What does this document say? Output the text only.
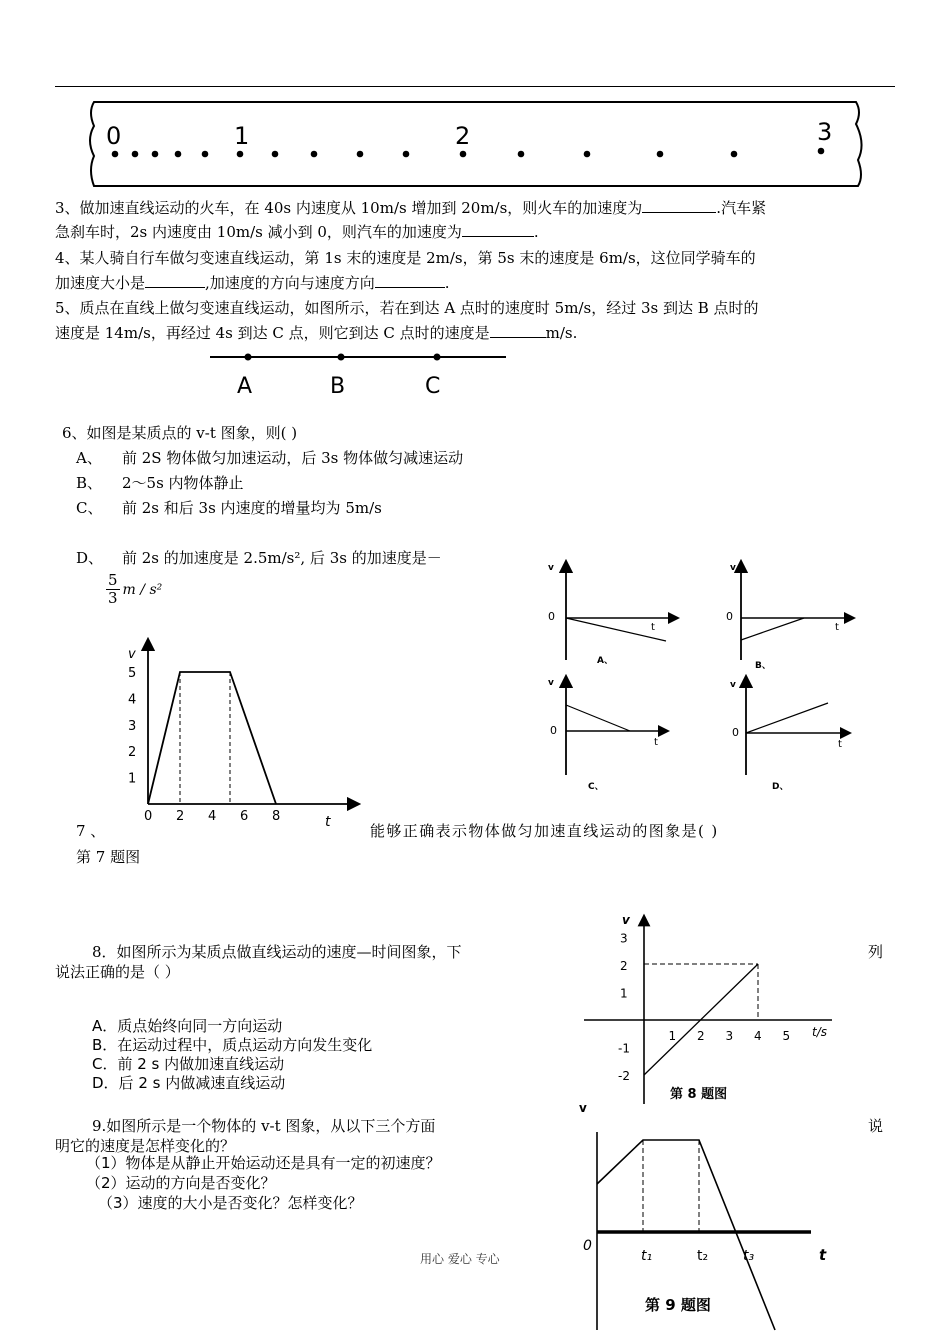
0	1	2	3
3、做加速直线运动的火车，在 40s 内速度从 10m/s 增加到 20m/s，则火车的加速度为	.汽车紧
急刹车时，2s 内速度由 10m/s 减小到 0，则汽车的加速度为	.
4、某人骑自行车做匀变速直线运动，第 1s 末的速度是 2m/s，第 5s 末的速度是 6m/s，这位同学骑车的
加速度大小是	,加速度的方向与速度方向	.
5、质点在直线上做匀变速直线运动，如图所示，若在到达 A 点时的速度时 5m/s，经过 3s 到达 B 点时的
速度是 14m/s，再经过 4s 到达 C 点，则它到达 C 点时的速度是	m/s.
A	B	C
6、如图是某质点的 v-t 图象，则( )
A、 前 2S 物体做匀加速运动，后 3s 物体做匀减速运动
B、 2～5s 内物体静止
C、 前 2s 和后 3s 内速度的增量均为 5m/s
D、 前 2s 的加速度是 2.5m/s², 后 3s 的加速度是－
$\frac{5}{3}$ m / s²
v
t
1
2
3
4
5
0 2 4 6 8
v
0
t
A、
v
0
t
B、
v
0
t
C、
v
0
t
D、
7 、	能够正确表示物体做匀加速直线运动的图象是( )
第 7 题图
8．如图所示为某质点做直线运动的速度—时间图象，下	列
说法正确的是（ ）
A．质点始终向同一方向运动
B．在运动过程中，质点运动方向发生变化
C．前 2 s 内做加速直线运动
D．后 2 s 内做减速直线运动
v
t/s
3
2
1
-1
-2
1 2 3 4 5
第 8 题图
9.如图所示是一个物体的 v-t 图象，从以下三个方面	说
明它的速度是怎样变化的？
（1）物体是从静止开始运动还是具有一定的初速度？
（2）运动的方向是否变化？
（3）速度的大小是否变化？怎样变化？
v
0
t₁	t₂ t₃	t
第 9 题图
用心 爱心 专心
